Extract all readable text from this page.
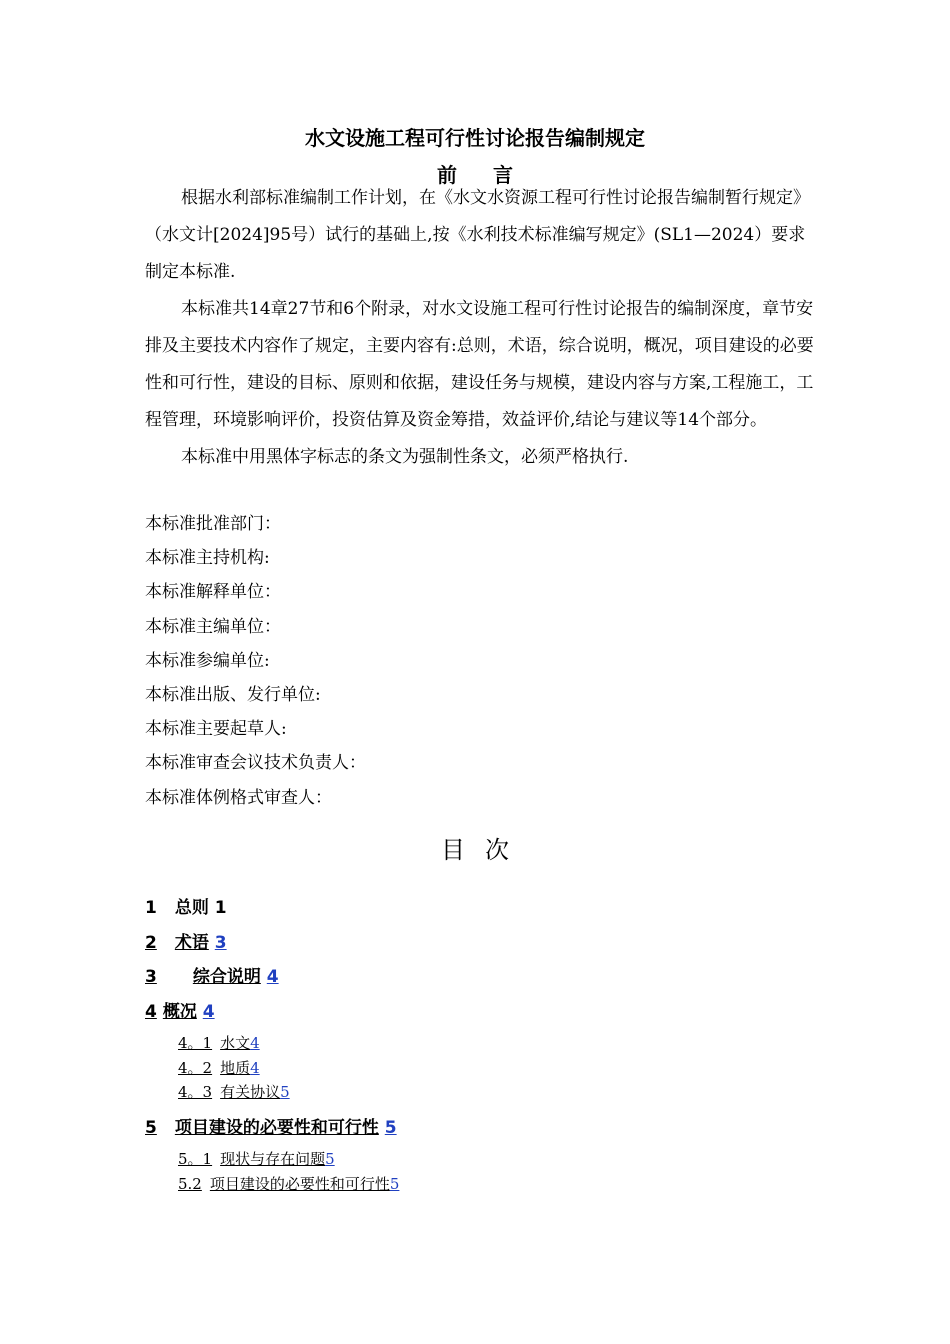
水文设施工程可行性讨论报告编制规定
前 言

根据水利部标准编制工作计划，在《水文水资源工程可行性讨论报告编制暂行规定》（水文计[2024]95号）试行的基础上,按《水利技术标准编写规定》(SL1—2024）要求制定本标准.

本标准共14章27节和6个附录，对水文设施工程可行性讨论报告的编制深度，章节安排及主要技术内容作了规定，主要内容有:总则，术语，综合说明，概况，项目建设的必要性和可行性，建设的目标、原则和依据，建设任务与规模，建设内容与方案,工程施工，工程管理，环境影响评价，投资估算及资金筹措，效益评价,结论与建议等14个部分。

本标准中用黑体字标志的条文为强制性条文，必须严格执行.

本标准批准部门：

本标准主持机构:

本标准解释单位：

本标准主编单位：

本标准参编单位:

本标准出版、发行单位:

本标准主要起草人:

本标准审查会议技术负责人：

本标准体例格式审查人：

目 次
1 总则 1
2 术语 3
3 综合说明 4
4 概况 4
4。1 水文4
4。2 地质4
4。3 有关协议5
5 项目建设的必要性和可行性 5
5。1 现状与存在问题5
5.2 项目建设的必要性和可行性5
